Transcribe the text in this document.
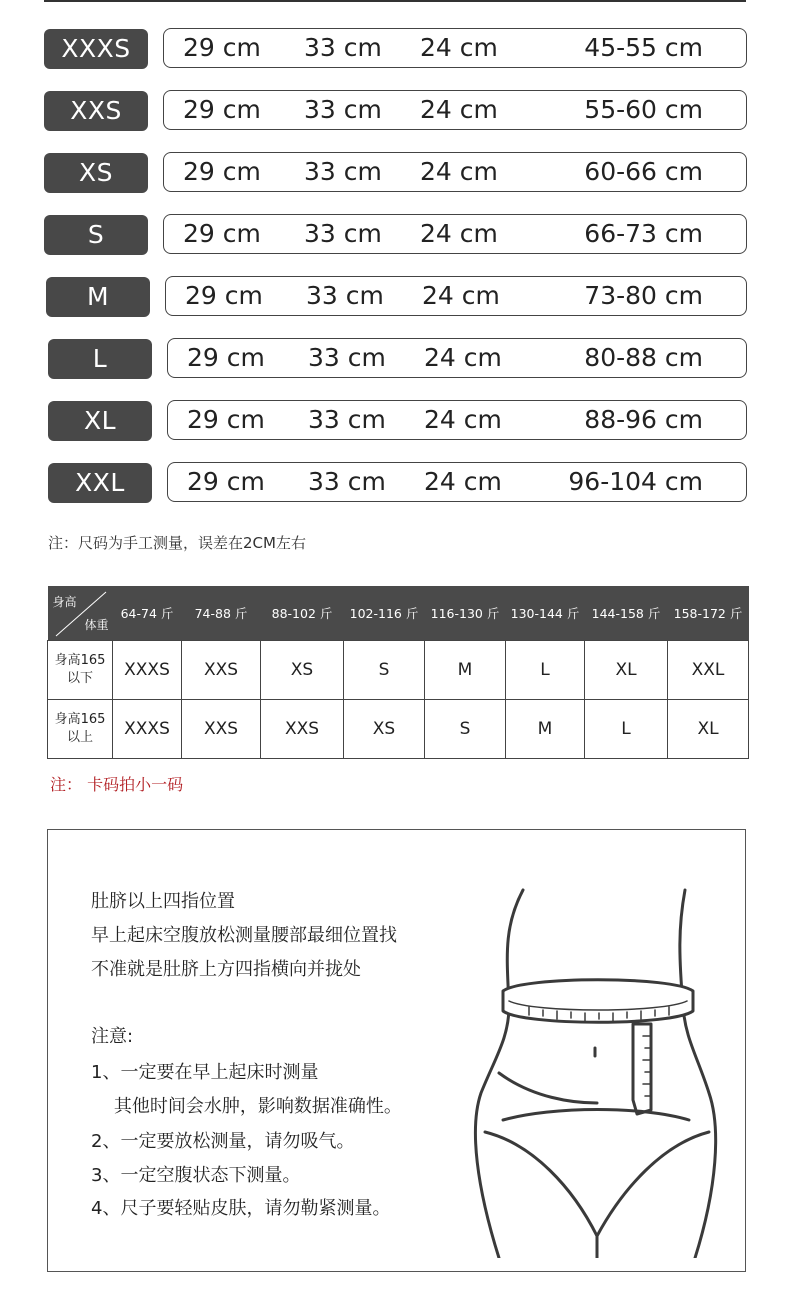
XXXS	29 cm 33 cm 24 cm	45-55 cm
XXS	29 cm 33 cm 24 cm	55-60 cm
XS	29 cm 33 cm 24 cm	60-66 cm
S	29 cm 33 cm 24 cm	66-73 cm
M	29 cm 33 cm 24 cm	73-80 cm
L	29 cm 33 cm 24 cm	80-88 cm
XL	29 cm 33 cm 24 cm	88-96 cm
XXL	29 cm 33 cm 24 cm	96-104 cm
注：尺码为手工测量，误差在2CM左右
身高
体重	64-74 斤	74-88 斤	88-102 斤	102-116 斤	116-130 斤	130-144 斤	144-158 斤	158-172 斤

身高165
以下	XXXS	XXS	XS	S	M	L	XL	XXL

身高165
以上	XXXS	XXS	XXS	XS	S	M	L	XL
注： 卡码拍小一码
肚脐以上四指位置
早上起床空腹放松测量腰部最细位置找
不准就是肚脐上方四指横向并拢处
注意:
1、一定要在早上起床时测量
其他时间会水肿，影响数据准确性。
2、一定要放松测量，请勿吸气。
3、一定空腹状态下测量。
4、尺子要轻贴皮肤，请勿勒紧测量。
